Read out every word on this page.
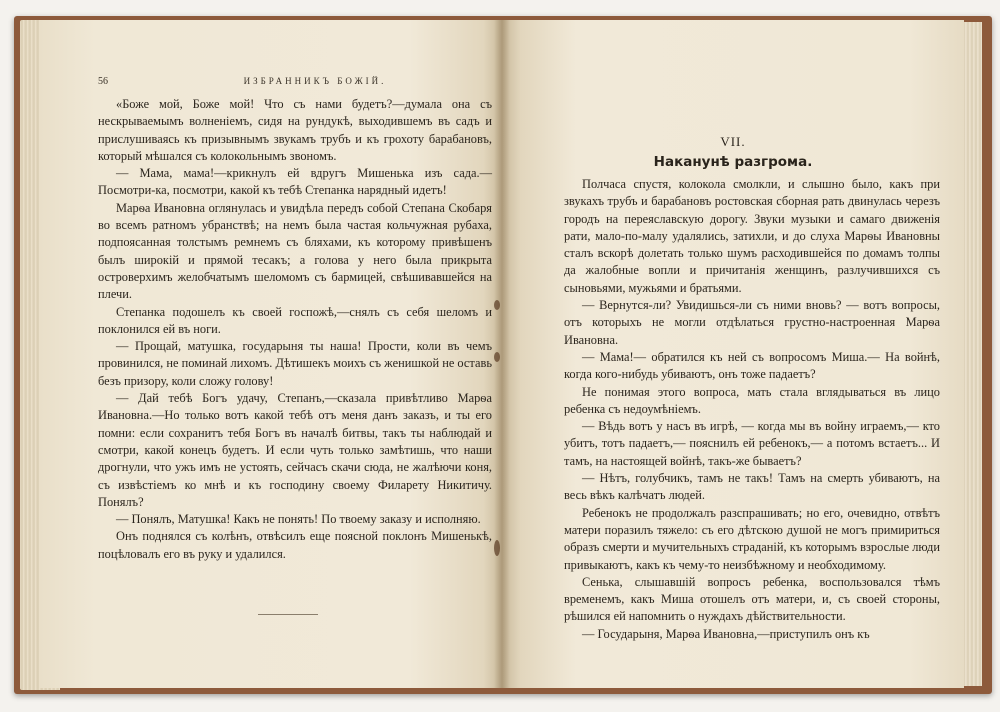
56	ИЗБРАННИКЪ БОЖІЙ.

«Боже мой, Боже мой! Что съ нами будетъ?—думала она съ нескрываемымъ волненіемъ, сидя на рундукѣ, выходившемъ въ садъ и прислушиваясь къ призывнымъ звукамъ трубъ и къ грохоту барабановъ, который мѣшался съ колокольнымъ звономъ.

— Мама, мама!—крикнулъ ей вдругъ Мишенька изъ сада.—Посмотри-ка, посмотри, какой къ тебѣ Степанка нарядный идетъ!

Марѳа Ивановна оглянулась и увидѣла передъ собой Степана Скобаря во всемъ ратномъ убранствѣ; на немъ была частая кольчужная рубаха, подпоясанная толстымъ ремнемъ съ бляхами, къ которому привѣшенъ былъ широкій и прямой тесакъ; а голова у него была прикрыта островерхимъ желобчатымъ шеломомъ съ бармицей, свѣшивавшейся на плечи.

Степанка подошелъ къ своей госпожѣ,—снялъ съ себя шеломъ и поклонился ей въ ноги.

— Прощай, матушка, государыня ты наша! Прости, коли въ чемъ провинился, не поминай лихомъ. Дѣтишекъ моихъ съ женишкой не оставь безъ призору, коли сложу голову!

— Дай тебѣ Богъ удачу, Степанъ,—сказала привѣтливо Марѳа Ивановна.—Но только вотъ какой тебѣ отъ меня данъ заказъ, и ты его помни: если сохранитъ тебя Богъ въ началѣ битвы, такъ ты наблюдай и смотри, какой конецъ будетъ. И если чуть только замѣтишь, что наши дрогнули, что ужъ имъ не устоять, сейчасъ скачи сюда, не жалѣючи коня, съ извѣстіемъ ко мнѣ и къ господину своему Филарету Никитичу. Понялъ?

— Понялъ, Матушка! Какъ не понять! По твоему заказу и исполняю.

Онъ поднялся съ колѣнъ, отвѣсилъ еще поясной поклонъ Мишенькѣ, поцѣловалъ его въ руку и удалился.

VII.
Наканунѣ разгрома.

Полчаса спустя, колокола смолкли, и слышно было, какъ при звукахъ трубъ и барабановъ ростовская сборная рать двинулась черезъ городъ на переяславскую дорогу. Звуки музыки и самаго движенія рати, мало-по-малу удалялись, затихли, и до слуха Марѳы Ивановны сталъ вскорѣ долетать только шумъ расходившейся по домамъ толпы да жалобные вопли и причитанія женщинъ, разлучившихся съ сыновьями, мужьями и братьями.

— Вернутся-ли? Увидишься-ли съ ними вновь? — вотъ вопросы, отъ которыхъ не могли отдѣлаться грустно-настроенная Марѳа Ивановна.

— Мама!— обратился къ ней съ вопросомъ Миша.— На войнѣ, когда кого-нибудь убиваютъ, онъ тоже падаетъ?

Не понимая этого вопроса, мать стала вглядываться въ лицо ребенка съ недоумѣніемъ.

— Вѣдь вотъ у насъ въ игрѣ, — когда мы въ войну играемъ,— кто убитъ, тотъ падаетъ,— пояснилъ ей ребенокъ,— а потомъ встаетъ... И тамъ, на настоящей войнѣ, такъ-же бываетъ?

— Нѣтъ, голубчикъ, тамъ не такъ! Тамъ на смерть убиваютъ, на весь вѣкъ калѣчатъ людей.

Ребенокъ не продолжалъ разспрашивать; но его, очевидно, отвѣтъ матери поразилъ тяжело: съ его дѣтскою душой не могъ примириться образъ смерти и мучительныхъ страданій, къ которымъ взрослые люди привыкаютъ, какъ къ чему-то неизбѣжному и необходимому.

Сенька, слышавшій вопросъ ребенка, воспользовался тѣмъ временемъ, какъ Миша отошелъ отъ матери, и, съ своей стороны, рѣшился ей напомнить о нуждахъ дѣйствительности.

— Государыня, Марѳа Ивановна,—приступилъ онъ къ
